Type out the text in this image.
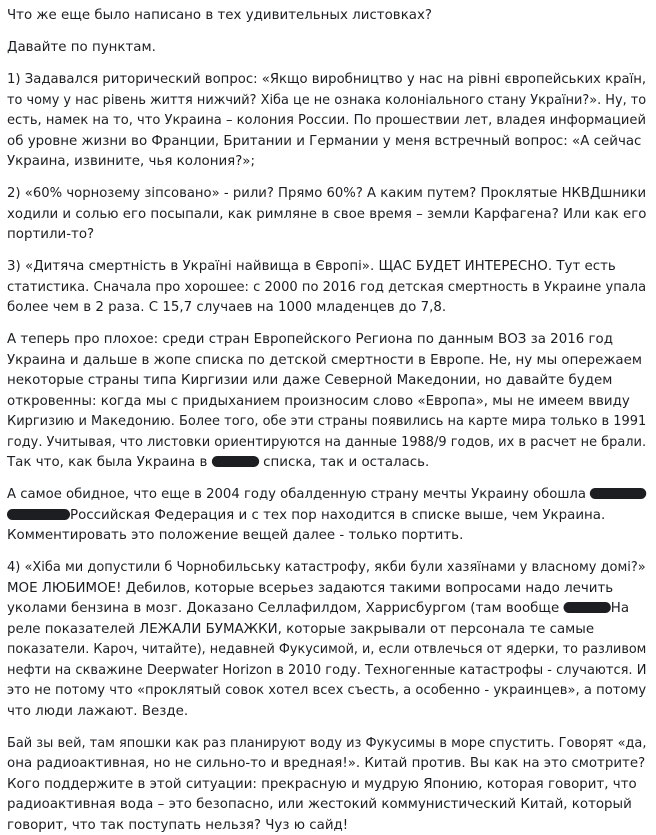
Что же еще было написано в тех удивительных листовках?

Давайте по пунктам.

1) Задавался риторический вопрос: «Якщо виробництво у нас на рівні європейських країн,
то чому у нас рівень життя нижчий? Хіба це не ознака колоніального стану України?». Ну, то
есть, намек на то, что Украина – колония России. По прошествии лет, владея информацией
об уровне жизни во Франции, Британии и Германии у меня встречный вопрос: «А сейчас
Украина, извините, чья колония?»;

2) «60% чорнозему зіпсовано» - рили? Прямо 60%? А каким путем? Проклятые НКВДшники
ходили и солью его посыпали, как римляне в свое время – земли Карфагена? Или как его
портили-то?

3) «Дитяча смертність в Україні найвища в Європі». ЩАС БУДЕТ ИНТЕРЕСНО. Тут есть
статистика. Сначала про хорошее: с 2000 по 2016 год детская смертность в Украине упала
более чем в 2 раза. С 15,7 случаев на 1000 младенцев до 7,8.

А теперь про плохое: среди стран Европейского Региона по данным ВОЗ за 2016 год
Украина и дальше в жопе списка по детской смертности в Европе. Не, ну мы опережаем
некоторые страны типа Киргизии или даже Северной Македонии, но давайте будем
откровенны: когда мы с придыханием произносим слово «Европа», мы не имеем ввиду
Киргизию и Македонию. Более того, обе эти страны появились на карте мира только в 1991
году. Учитывая, что листовки ориентируются на данные 1988/9 годов, их в расчет не брали.
Так что, как была Украина в	списка, так и осталась.

А самое обидное, что еще в 2004 году обалденную страну мечты Украину обошла
Российская Федерация и с тех пор находится в списке выше, чем Украина.
Комментировать это положение вещей далее - только портить.

4) «Хіба ми допустили б Чорнобильську катастрофу, якби були хазяїнами у власному домі?»
МОЕ ЛЮБИМОЕ! Дебилов, которые всерьез задаются такими вопросами надо лечить
уколами бензина в мозг. Доказано Селлафилдом, Харрисбургом (там вообще	На
реле показателей ЛЕЖАЛИ БУМАЖКИ, которые закрывали от персонала те самые
показатели. Кароч, читайте), недавней Фукусимой, и, если отвлечься от ядерки, то разливом
нефти на скважине Deepwater Horizon в 2010 году. Техногенные катастрофы - случаются. И
это не потому что «проклятый совок хотел всех съесть, а особенно - украинцев», а потому
что люди лажают. Везде.

Бай зы вей, там япошки как раз планируют воду из Фукусимы в море спустить. Говорят «да,
она радиоактивная, но не сильно-то и вредная!». Китай против. Вы как на это смотрите?
Кого поддержите в этой ситуации: прекрасную и мудрую Японию, которая говорит, что
радиоактивная вода – это безопасно, или жестокий коммунистический Китай, который
говорит, что так поступать нельзя? Чуз ю сайд!
